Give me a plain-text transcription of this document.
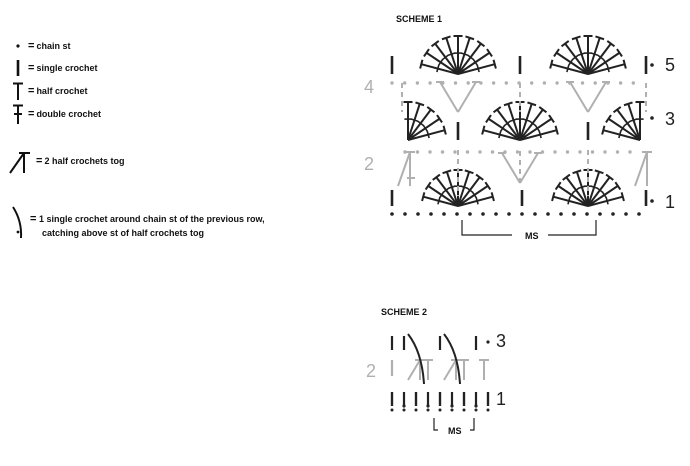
= chain st
= single crochet
= half crochet
= double crochet
= 2 half crochets tog
= 1 single crochet around chain st of the previous row,
catching above st of half crochets tog
SCHEME 1
SCHEME 2
5
3
1
4
2
MS
3
1
2
MS
